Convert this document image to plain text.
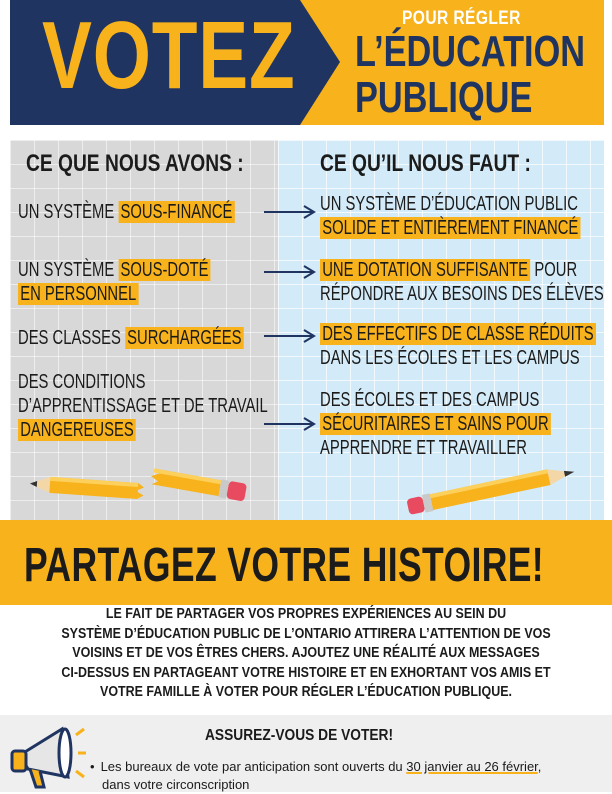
VOTEZ	POUR RÉGLER
L’ÉDUCATION
PUBLIQUE
CE QUE NOUS AVONS :
UN SYSTÈME SOUS-FINANCÉ
UN SYSTÈME SOUS-DOTÉ
EN PERSONNEL
DES CLASSES SURCHARGÉES
DES CONDITIONS
D’APPRENTISSAGE ET DE TRAVAIL
DANGEREUSES
CE QU’IL NOUS FAUT :
UN SYSTÈME D’ÉDUCATION PUBLIC
SOLIDE ET ENTIÈREMENT FINANCÉ
UNE DOTATION SUFFISANTE POUR
RÉPONDRE AUX BESOINS DES ÉLÈVES
DES EFFECTIFS DE CLASSE RÉDUITS
DANS LES ÉCOLES ET LES CAMPUS
DES ÉCOLES ET DES CAMPUS
SÉCURITAIRES ET SAINS POUR
APPRENDRE ET TRAVAILLER
PARTAGEZ VOTRE HISTOIRE!
LE FAIT DE PARTAGER VOS PROPRES EXPÉRIENCES AU SEIN DU
SYSTÈME D’ÉDUCATION PUBLIC DE L’ONTARIO ATTIRERA L’ATTENTION DE VOS
VOISINS ET DE VOS ÊTRES CHERS. AJOUTEZ UNE RÉALITÉ AUX MESSAGES
CI-DESSUS EN PARTAGEANT VOTRE HISTOIRE ET EN EXHORTANT VOS AMIS ET
VOTRE FAMILLE À VOTER POUR RÉGLER L’ÉDUCATION PUBLIQUE.
ASSUREZ-VOUS DE VOTER!
• Les bureaux de vote par anticipation sont ouverts du 30 janvier au 26 février,
dans votre circonscription
